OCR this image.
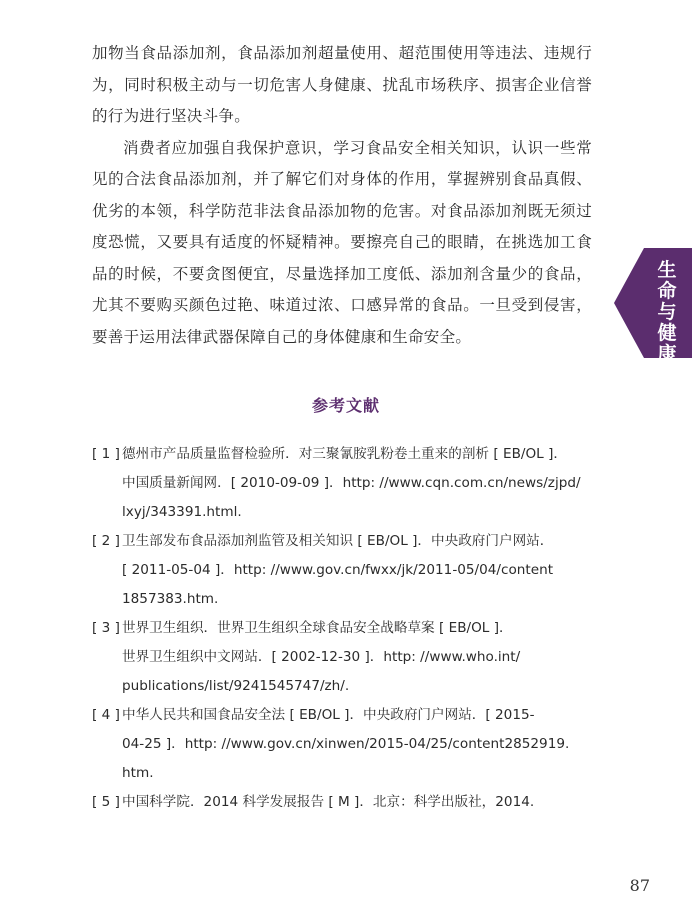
加物当食品添加剂，食品添加剂超量使用、超范围使用等违法、违规行为，同时积极主动与一切危害人身健康、扰乱市场秩序、损害企业信誉的行为进行坚决斗争。

消费者应加强自我保护意识，学习食品安全相关知识，认识一些常见的合法食品添加剂，并了解它们对身体的作用，掌握辨别食品真假、优劣的本领，科学防范非法食品添加物的危害。对食品添加剂既无须过度恐慌，又要具有适度的怀疑精神。要擦亮自己的眼睛，在挑选加工食品的时候，不要贪图便宜，尽量选择加工度低、添加剂含量少的食品，尤其不要购买颜色过艳、味道过浓、口感异常的食品。一旦受到侵害，要善于运用法律武器保障自己的身体健康和生命安全。

参考文献
[ 1 ] 德州市产品质量监督检验所．对三聚氰胺乳粉卷土重来的剖析 [ EB/OL ]．
中国质量新闻网．[ 2010-09-09 ]．http: //www.cqn.com.cn/news/zjpd/
lxyj/343391.html.
[ 2 ] 卫生部发布食品添加剂监管及相关知识 [ EB/OL ]．中央政府门户网站．
[ 2011-05-04 ]．http: //www.gov.cn/fwxx/jk/2011-05/04/content
1857383.htm.
[ 3 ] 世界卫生组织．世界卫生组织全球食品安全战略草案 [ EB/OL ]．
世界卫生组织中文网站．[ 2002-12-30 ]．http: //www.who.int/
publications/list/9241545747/zh/.
[ 4 ] 中华人民共和国食品安全法 [ EB/OL ]．中央政府门户网站．[ 2015-
04-25 ]．http: //www.gov.cn/xinwen/2015-04/25/content2852919.
htm.
[ 5 ] 中国科学院．2014 科学发展报告 [ M ]．北京：科学出版社，2014.
生命与健康
87
